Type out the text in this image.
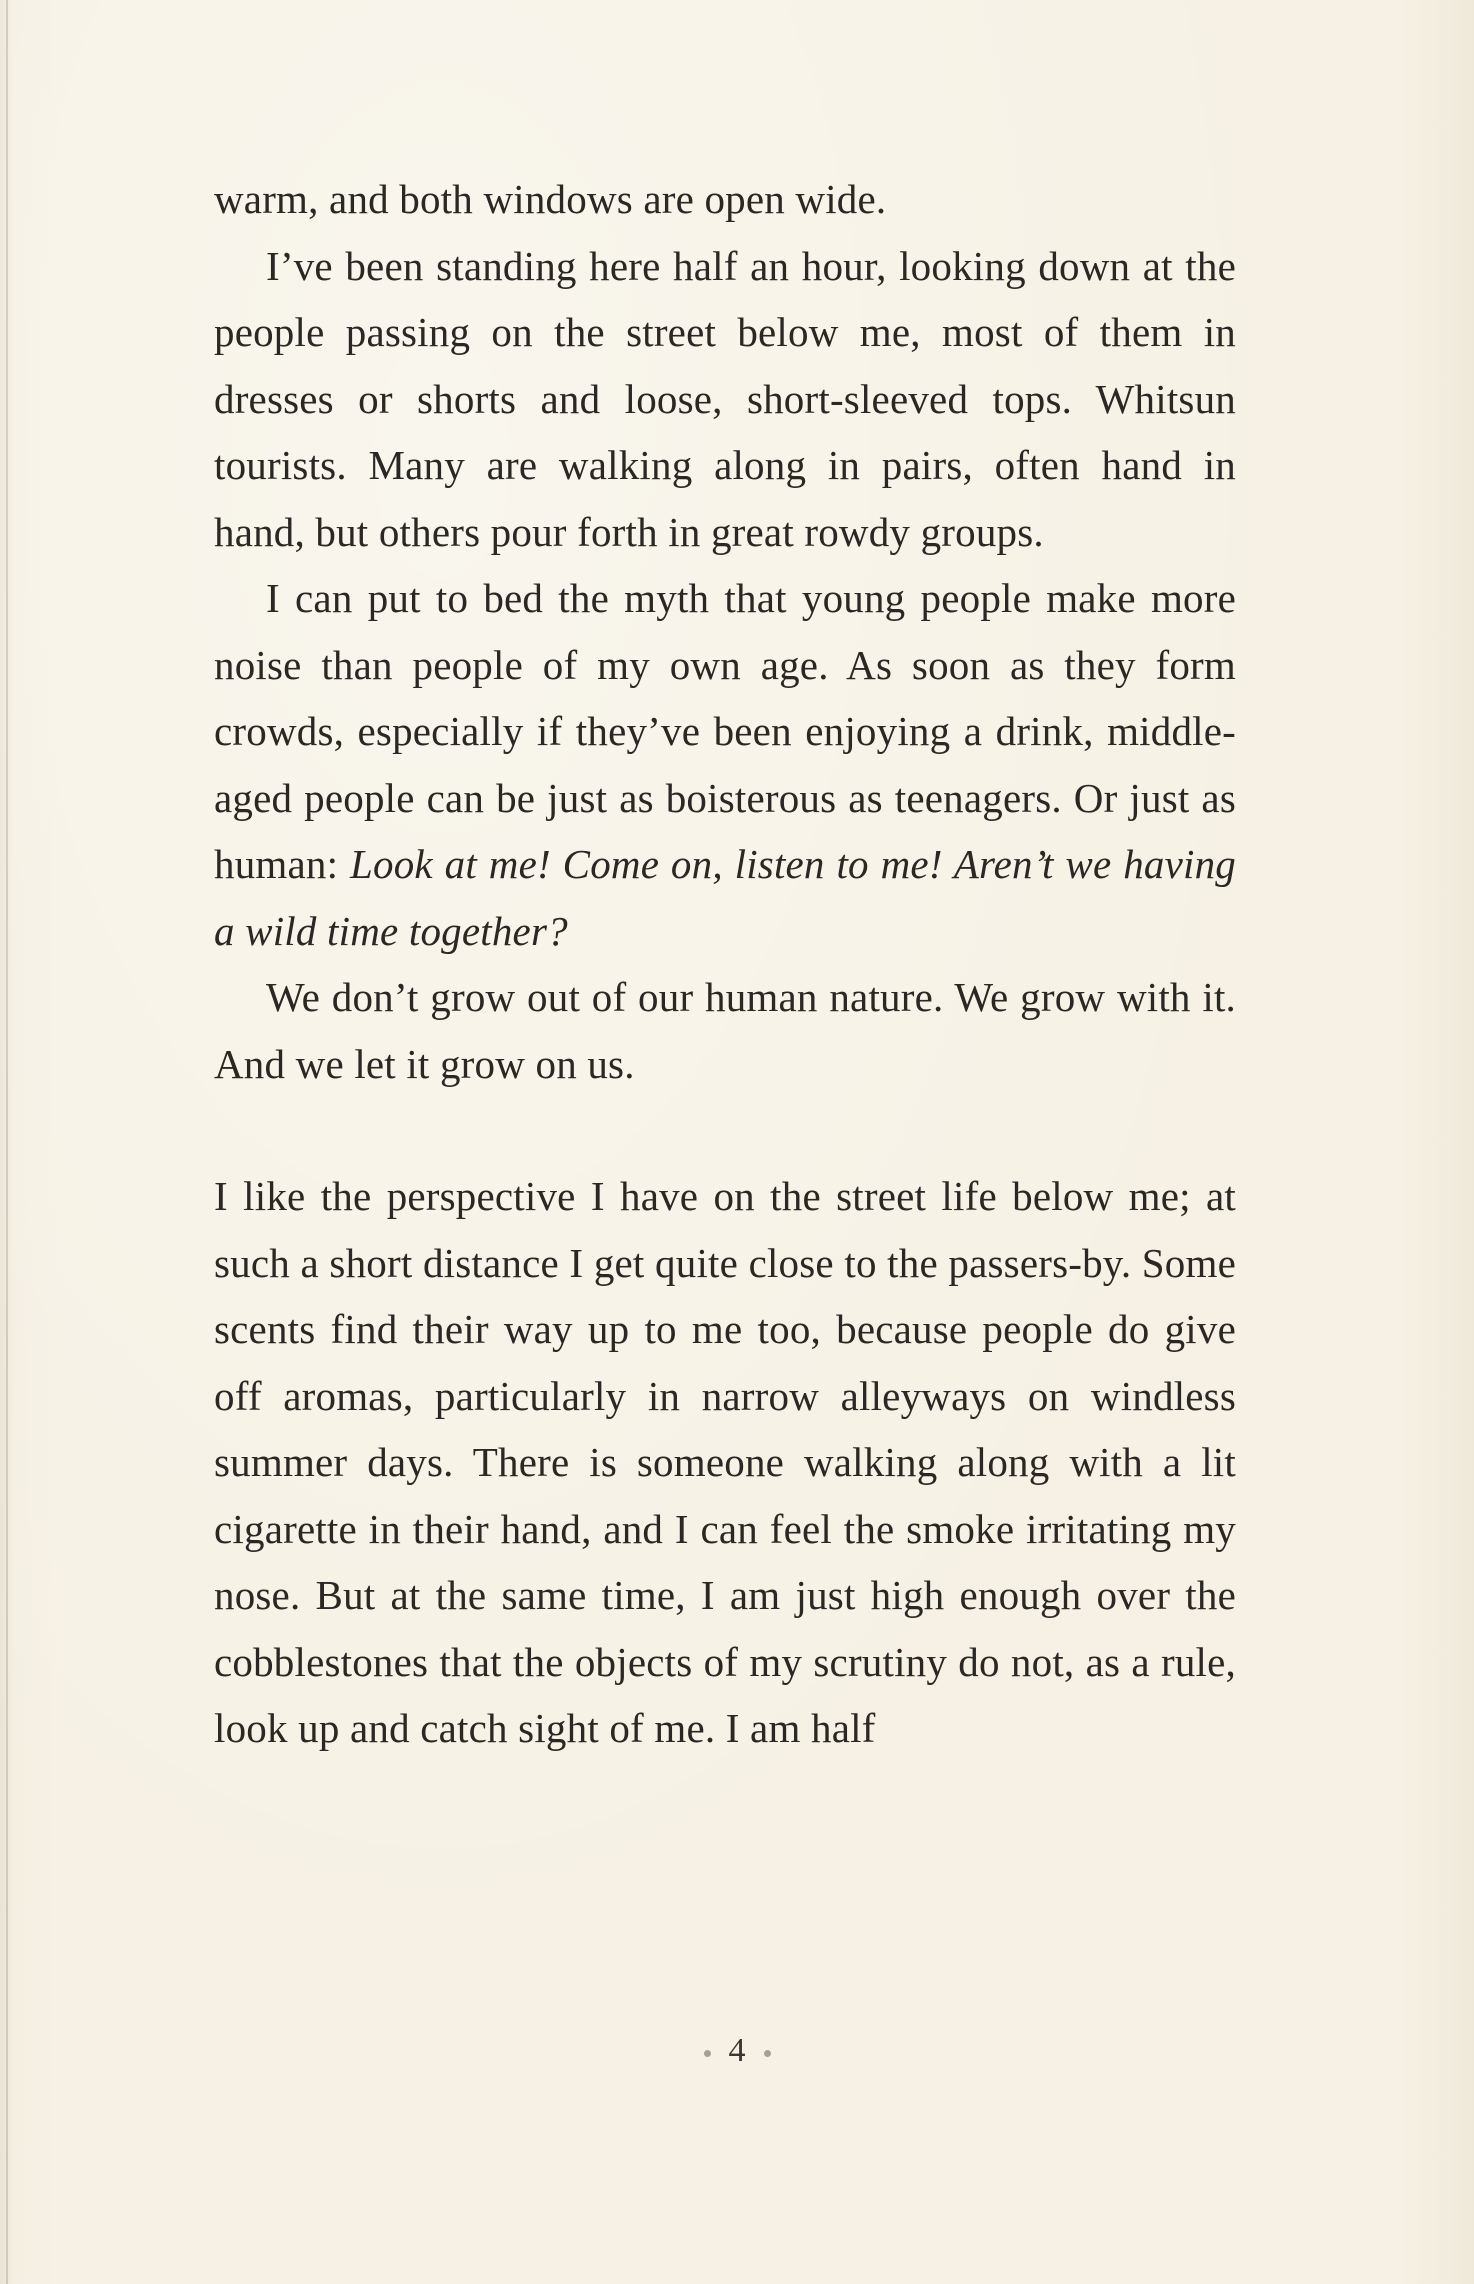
warm, and both windows are open wide.

I’ve been standing here half an hour, looking down at the people passing on the street below me, most of them in dresses or shorts and loose, short-sleeved tops. Whitsun tourists. Many are walking along in pairs, often hand in hand, but others pour forth in great rowdy groups.

I can put to bed the myth that young people make more noise than people of my own age. As soon as they form crowds, especially if they’ve been enjoying a drink, middle-aged people can be just as boisterous as teenagers. Or just as human: Look at me! Come on, listen to me! Aren’t we having a wild time together?

We don’t grow out of our human nature. We grow with it. And we let it grow on us.

I like the perspective I have on the street life below me; at such a short distance I get quite close to the passers-by. Some scents find their way up to me too, because people do give off aromas, particularly in narrow alleyways on windless summer days. There is someone walking along with a lit cigarette in their hand, and I can feel the smoke irritating my nose. But at the same time, I am just high enough over the cobblestones that the objects of my scrutiny do not, as a rule, look up and catch sight of me. I am half

4
